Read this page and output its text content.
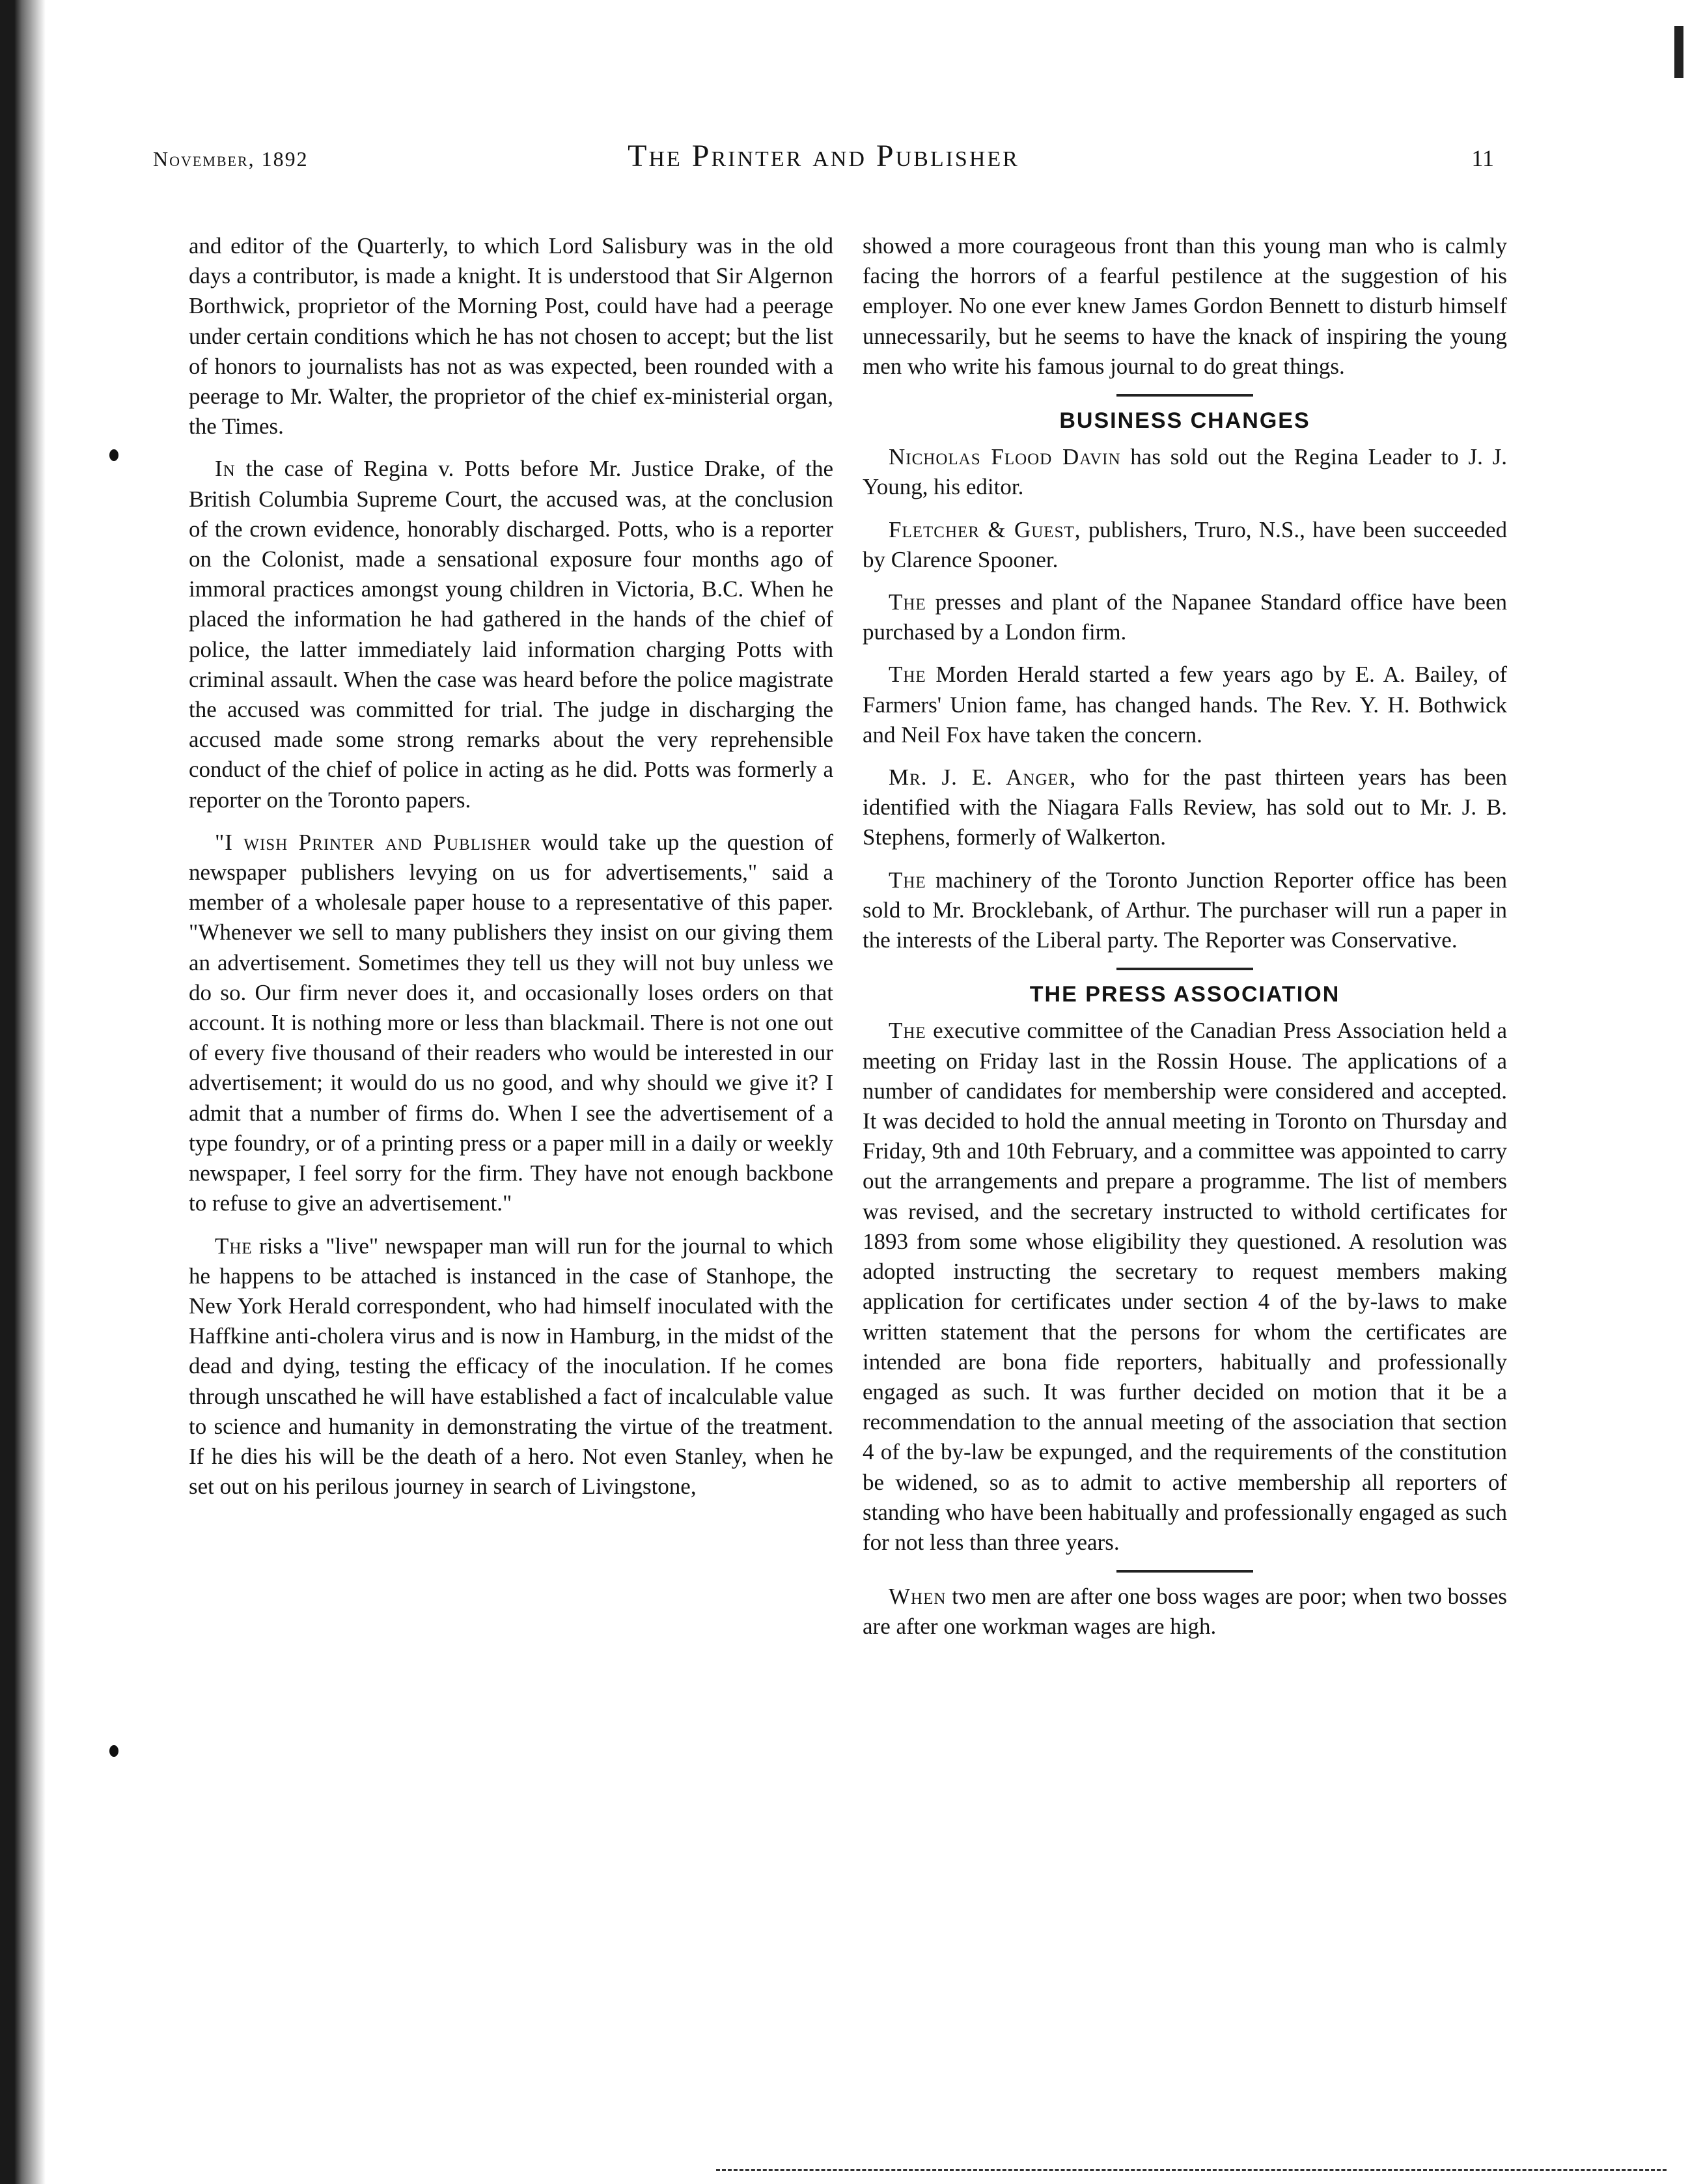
November, 1892	The Printer and Publisher	11

and editor of the Quarterly, to which Lord Salisbury was in the old days a contributor, is made a knight. It is understood that Sir Algernon Borthwick, proprietor of the Morning Post, could have had a peerage under certain conditions which he has not chosen to accept; but the list of honors to journalists has not as was expected, been rounded with a peerage to Mr. Walter, the proprietor of the chief ex-ministerial organ, the Times.

In the case of Regina v. Potts before Mr. Justice Drake, of the British Columbia Supreme Court, the accused was, at the conclusion of the crown evidence, honorably discharged. Potts, who is a reporter on the Colonist, made a sensational exposure four months ago of immoral practices amongst young children in Victoria, B.C. When he placed the information he had gathered in the hands of the chief of police, the latter immediately laid information charging Potts with criminal assault. When the case was heard before the police magistrate the accused was committed for trial. The judge in discharging the accused made some strong remarks about the very reprehensible conduct of the chief of police in acting as he did. Potts was formerly a reporter on the Toronto papers.

"I wish Printer and Publisher would take up the question of newspaper publishers levying on us for advertisements," said a member of a wholesale paper house to a representative of this paper. "Whenever we sell to many publishers they insist on our giving them an advertisement. Sometimes they tell us they will not buy unless we do so. Our firm never does it, and occasionally loses orders on that account. It is nothing more or less than blackmail. There is not one out of every five thousand of their readers who would be interested in our advertisement; it would do us no good, and why should we give it? I admit that a number of firms do. When I see the advertisement of a type foundry, or of a printing press or a paper mill in a daily or weekly newspaper, I feel sorry for the firm. They have not enough backbone to refuse to give an advertisement."

The risks a "live" newspaper man will run for the journal to which he happens to be attached is instanced in the case of Stanhope, the New York Herald correspondent, who had himself inoculated with the Haffkine anti-cholera virus and is now in Hamburg, in the midst of the dead and dying, testing the efficacy of the inoculation. If he comes through unscathed he will have established a fact of incalculable value to science and humanity in demonstrating the virtue of the treatment. If he dies his will be the death of a hero. Not even Stanley, when he set out on his perilous journey in search of Livingstone,

showed a more courageous front than this young man who is calmly facing the horrors of a fearful pestilence at the suggestion of his employer. No one ever knew James Gordon Bennett to disturb himself unnecessarily, but he seems to have the knack of inspiring the young men who write his famous journal to do great things.

BUSINESS CHANGES

Nicholas Flood Davin has sold out the Regina Leader to J. J. Young, his editor.

Fletcher & Guest, publishers, Truro, N.S., have been succeeded by Clarence Spooner.

The presses and plant of the Napanee Standard office have been purchased by a London firm.

The Morden Herald started a few years ago by E. A. Bailey, of Farmers' Union fame, has changed hands. The Rev. Y. H. Bothwick and Neil Fox have taken the concern.

Mr. J. E. Anger, who for the past thirteen years has been identified with the Niagara Falls Review, has sold out to Mr. J. B. Stephens, formerly of Walkerton.

The machinery of the Toronto Junction Reporter office has been sold to Mr. Brocklebank, of Arthur. The purchaser will run a paper in the interests of the Liberal party. The Reporter was Conservative.

THE PRESS ASSOCIATION

The executive committee of the Canadian Press Association held a meeting on Friday last in the Rossin House. The applications of a number of candidates for membership were considered and accepted. It was decided to hold the annual meeting in Toronto on Thursday and Friday, 9th and 10th February, and a committee was appointed to carry out the arrangements and prepare a programme. The list of members was revised, and the secretary instructed to withold certificates for 1893 from some whose eligibility they questioned. A resolution was adopted instructing the secretary to request members making application for certificates under section 4 of the by-laws to make written statement that the persons for whom the certificates are intended are bona fide reporters, habitually and professionally engaged as such. It was further decided on motion that it be a recommendation to the annual meeting of the association that section 4 of the by-law be expunged, and the requirements of the constitution be widened, so as to admit to active membership all reporters of standing who have been habitually and professionally engaged as such for not less than three years.

When two men are after one boss wages are poor; when two bosses are after one workman wages are high.
